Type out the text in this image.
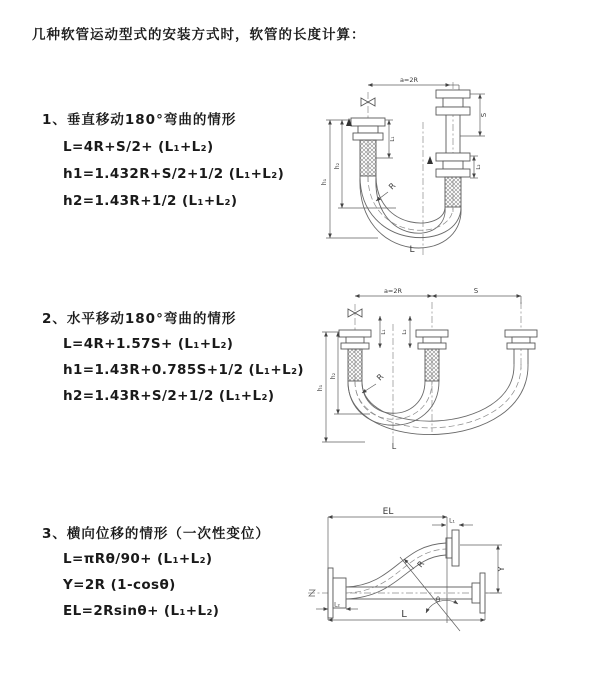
几种软管运动型式的安装方式时，软管的长度计算：
1、垂直移动180°弯曲的情形
L=4R+S/2+ (L₁+L₂)
h1=1.432R+S/2+1/2 (L₁+L₂)
h2=1.43R+1/2 (L₁+L₂)
2、水平移动180°弯曲的情形
L=4R+1.57S+ (L₁+L₂)
h1=1.43R+0.785S+1/2 (L₁+L₂)
h2=1.43R+S/2+1/2 (L₁+L₂)
3、横向位移的情形（一次性变位）
L=πRθ/90+ (L₁+L₂)
Y=2R (1-cosθ)
EL=2Rsinθ+ (L₁+L₂)
a=2R
h₁
h₂
L₁
S
L₂
R
L
a=2R	S
L₁	L₂
h₁
h₂	R
L
EL
L₁
Y
L
L₂
R
θ
